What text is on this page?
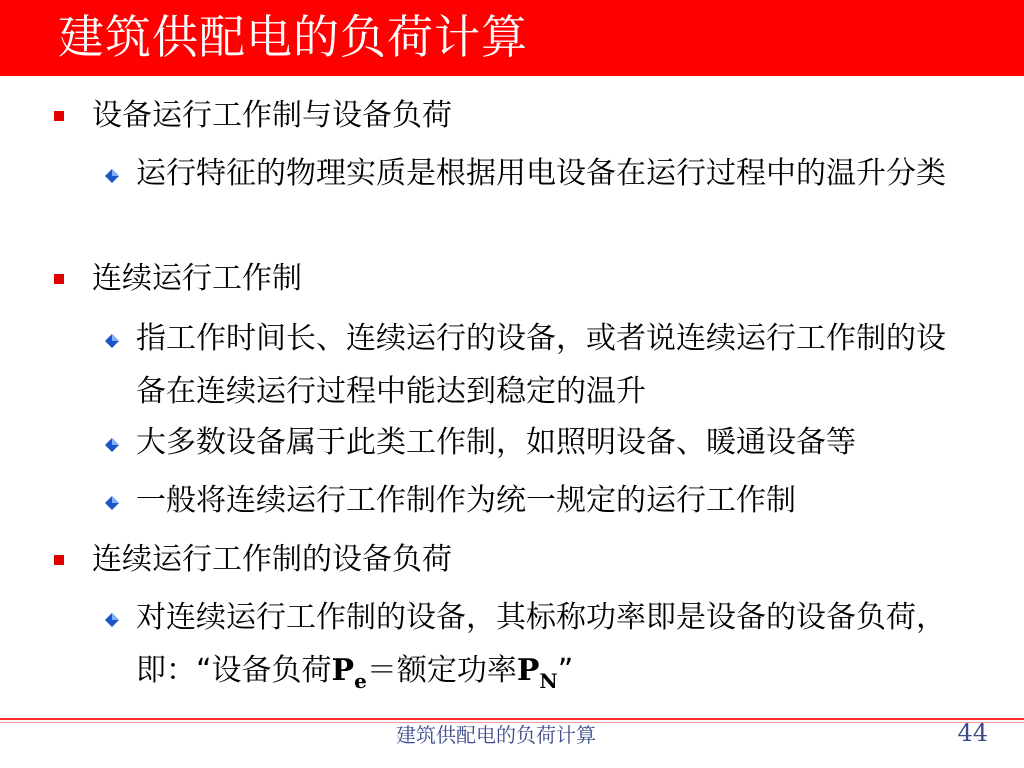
建筑供配电的负荷计算
设备运行工作制与设备负荷
运行特征的物理实质是根据用电设备在运行过程中的温升分类
连续运行工作制
指工作时间长、连续运行的设备，或者说连续运行工作制的设备在连续运行过程中能达到稳定的温升
大多数设备属于此类工作制，如照明设备、暖通设备等
一般将连续运行工作制作为统一规定的运行工作制
连续运行工作制的设备负荷
对连续运行工作制的设备，其标称功率即是设备的设备负荷，即：“设备负荷$P_e=$额定功率$P_N$”
建筑供配电的负荷计算	44
